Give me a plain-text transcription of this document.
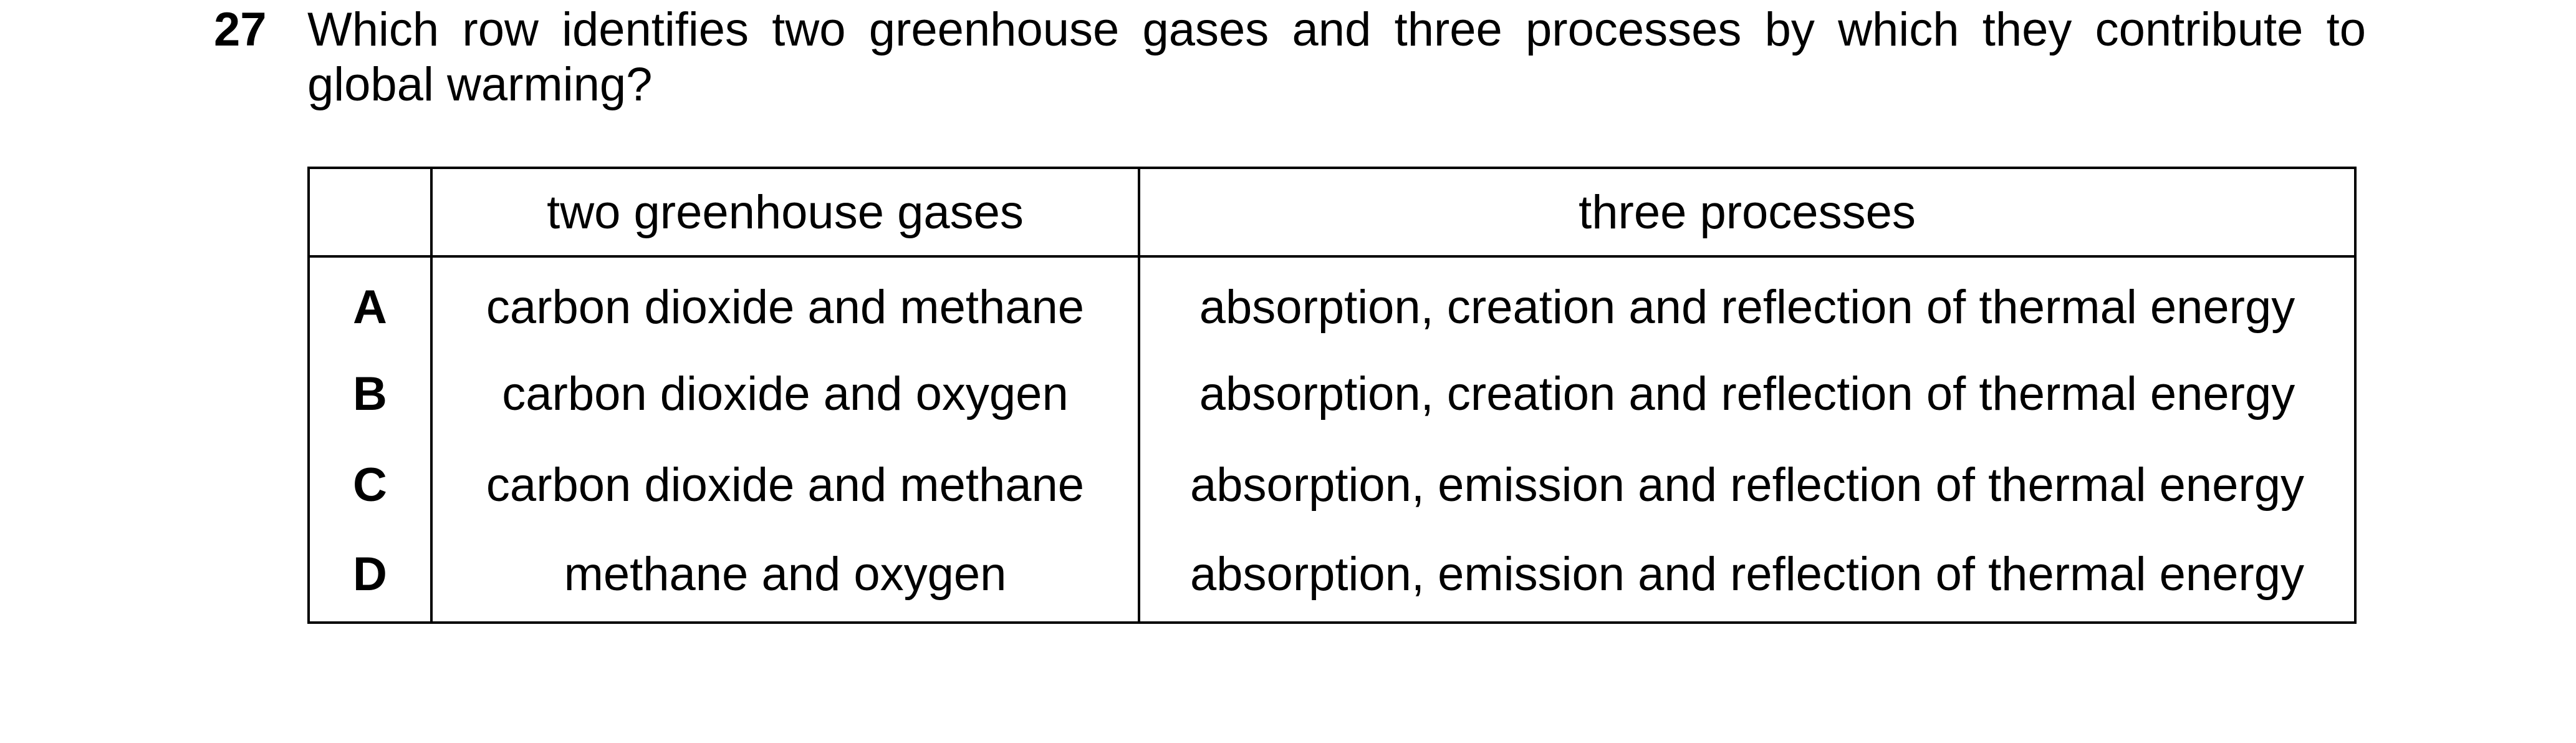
27 Which row identifies two greenhouse gases and three processes by which they contribute to
global warming?
	two greenhouse gases	three processes
A	carbon dioxide and methane	absorption, creation and reflection of thermal energy
B	carbon dioxide and oxygen	absorption, creation and reflection of thermal energy
C	carbon dioxide and methane	absorption, emission and reflection of thermal energy
D	methane and oxygen	absorption, emission and reflection of thermal energy
